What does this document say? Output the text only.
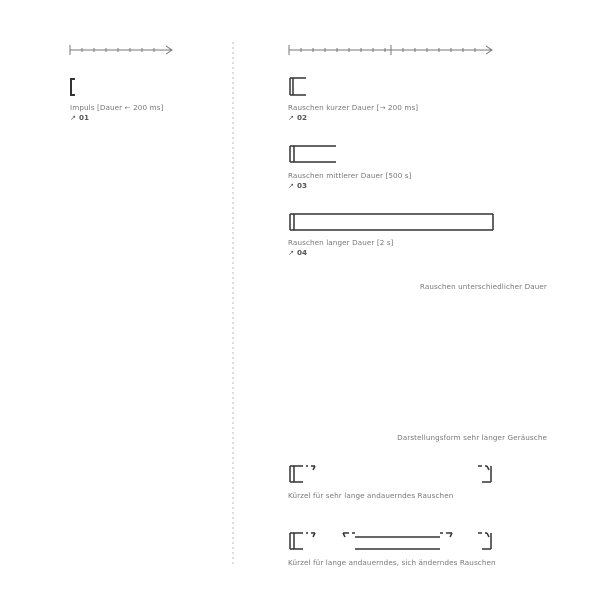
Impuls [Dauer ← 200 ms]
↗ 01
Rauschen kurzer Dauer [→ 200 ms]
↗ 02
Rauschen mittlerer Dauer [500 s]
↗ 03
Rauschen langer Dauer [2 s]
↗ 04
Rauschen unterschiedlicher Dauer
Darstellungsform sehr langer Geräusche
Kürzel für sehr lange andauerndes Rauschen
Kürzel für lange andauerndes, sich änderndes Rauschen
